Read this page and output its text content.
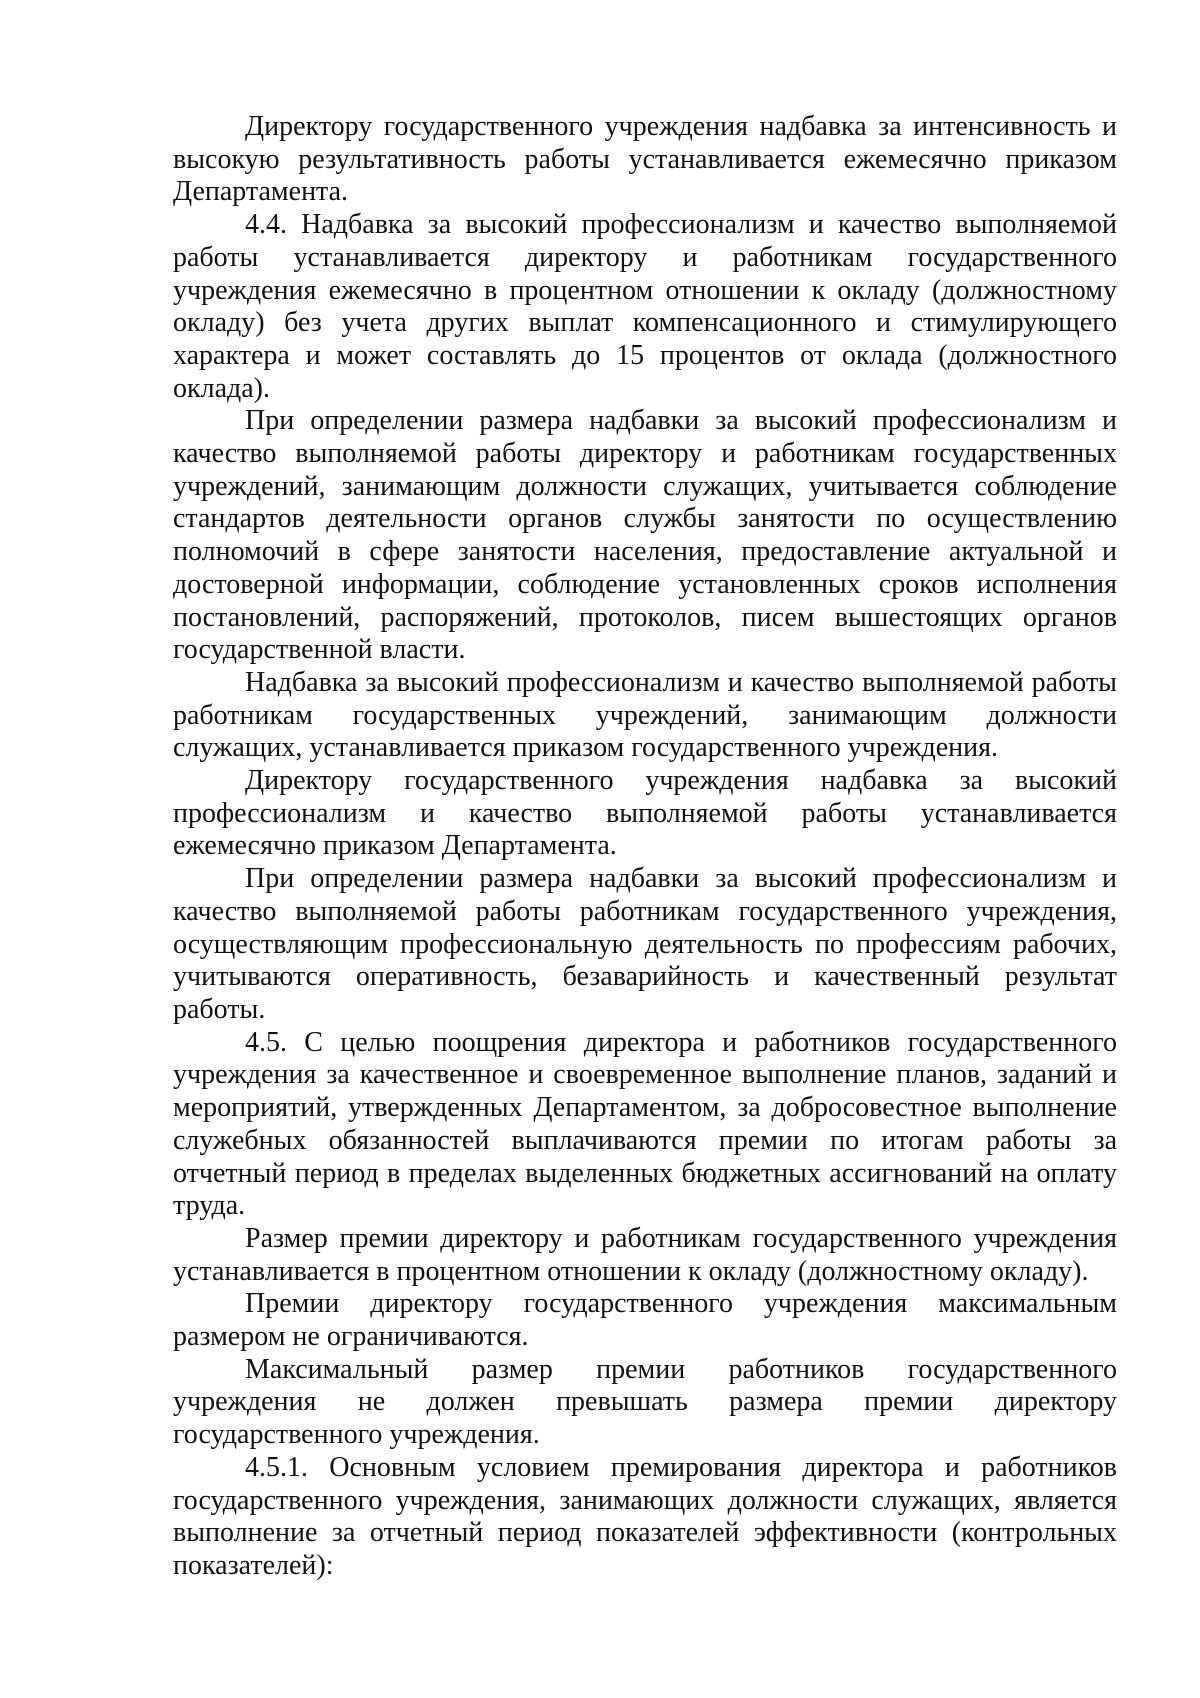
Директору государственного учреждения надбавка за интенсивность и высокую результативность работы устанавливается ежемесячно приказом Департамента.

4.4. Надбавка за высокий профессионализм и качество выполняемой работы устанавливается директору и работникам государственного учреждения ежемесячно в процентном отношении к окладу (должностному окладу) без учета других выплат компенсационного и стимулирующего характера и может составлять до 15 процентов от оклада (должностного оклада).

При определении размера надбавки за высокий профессионализм и качество выполняемой работы директору и работникам государственных учреждений, занимающим должности служащих, учитывается соблюдение стандартов деятельности органов службы занятости по осуществлению полномочий в сфере занятости населения, предоставление актуальной и достоверной информации, соблюдение установленных сроков исполнения постановлений, распоряжений, протоколов, писем вышестоящих органов государственной власти.

Надбавка за высокий профессионализм и качество выполняемой работы работникам государственных учреждений, занимающим должности служащих, устанавливается приказом государственного учреждения.

Директору государственного учреждения надбавка за высокий профессионализм и качество выполняемой работы устанавливается ежемесячно приказом Департамента.

При определении размера надбавки за высокий профессионализм и качество выполняемой работы работникам государственного учреждения, осуществляющим профессиональную деятельность по профессиям рабочих, учитываются оперативность, безаварийность и качественный результат работы.

4.5. С целью поощрения директора и работников государственного учреждения за качественное и своевременное выполнение планов, заданий и мероприятий, утвержденных Департаментом, за добросовестное выполнение служебных обязанностей выплачиваются премии по итогам работы за отчетный период в пределах выделенных бюджетных ассигнований на оплату труда.

Размер премии директору и работникам государственного учреждения устанавливается в процентном отношении к окладу (должностному окладу).

Премии директору государственного учреждения максимальным размером не ограничиваются.

Максимальный размер премии работников государственного учреждения не должен превышать размера премии директору государственного учреждения.

4.5.1. Основным условием премирования директора и работников государственного учреждения, занимающих должности служащих, является выполнение за отчетный период показателей эффективности (контрольных показателей):
